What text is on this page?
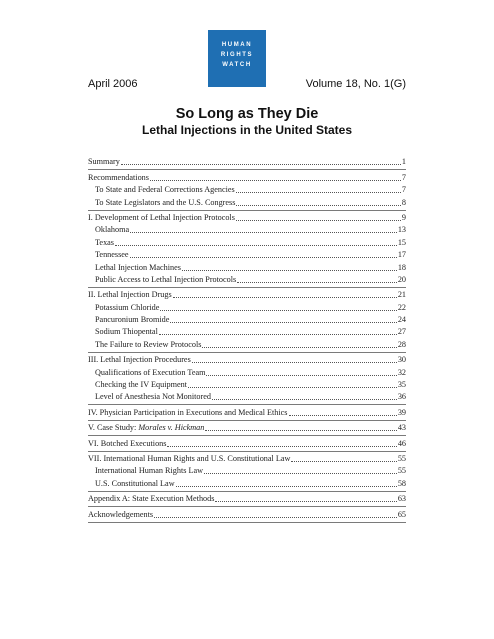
HUMAN
RIGHTS
WATCH
April 2006	Volume 18, No. 1(G)
So Long as They Die
Lethal Injections in the United States
Summary	1
Recommendations	7
To State and Federal Corrections Agencies	7
To State Legislators and the U.S. Congress	8
I. Development of Lethal Injection Protocols	9
Oklahoma	13
Texas	15
Tennessee	17
Lethal Injection Machines	18
Public Access to Lethal Injection Protocols	20
II. Lethal Injection Drugs	21
Potassium Chloride	22
Pancuronium Bromide	24
Sodium Thiopental	27
The Failure to Review Protocols	28
III. Lethal Injection Procedures	30
Qualifications of Execution Team	32
Checking the IV Equipment	35
Level of Anesthesia Not Monitored	36
IV. Physician Participation in Executions and Medical Ethics	39
V. Case Study: Morales v. Hickman	43
VI. Botched Executions	46
VII. International Human Rights and U.S. Constitutional Law	55
International Human Rights Law	55
U.S. Constitutional Law	58
Appendix A: State Execution Methods	63
Acknowledgements	65
